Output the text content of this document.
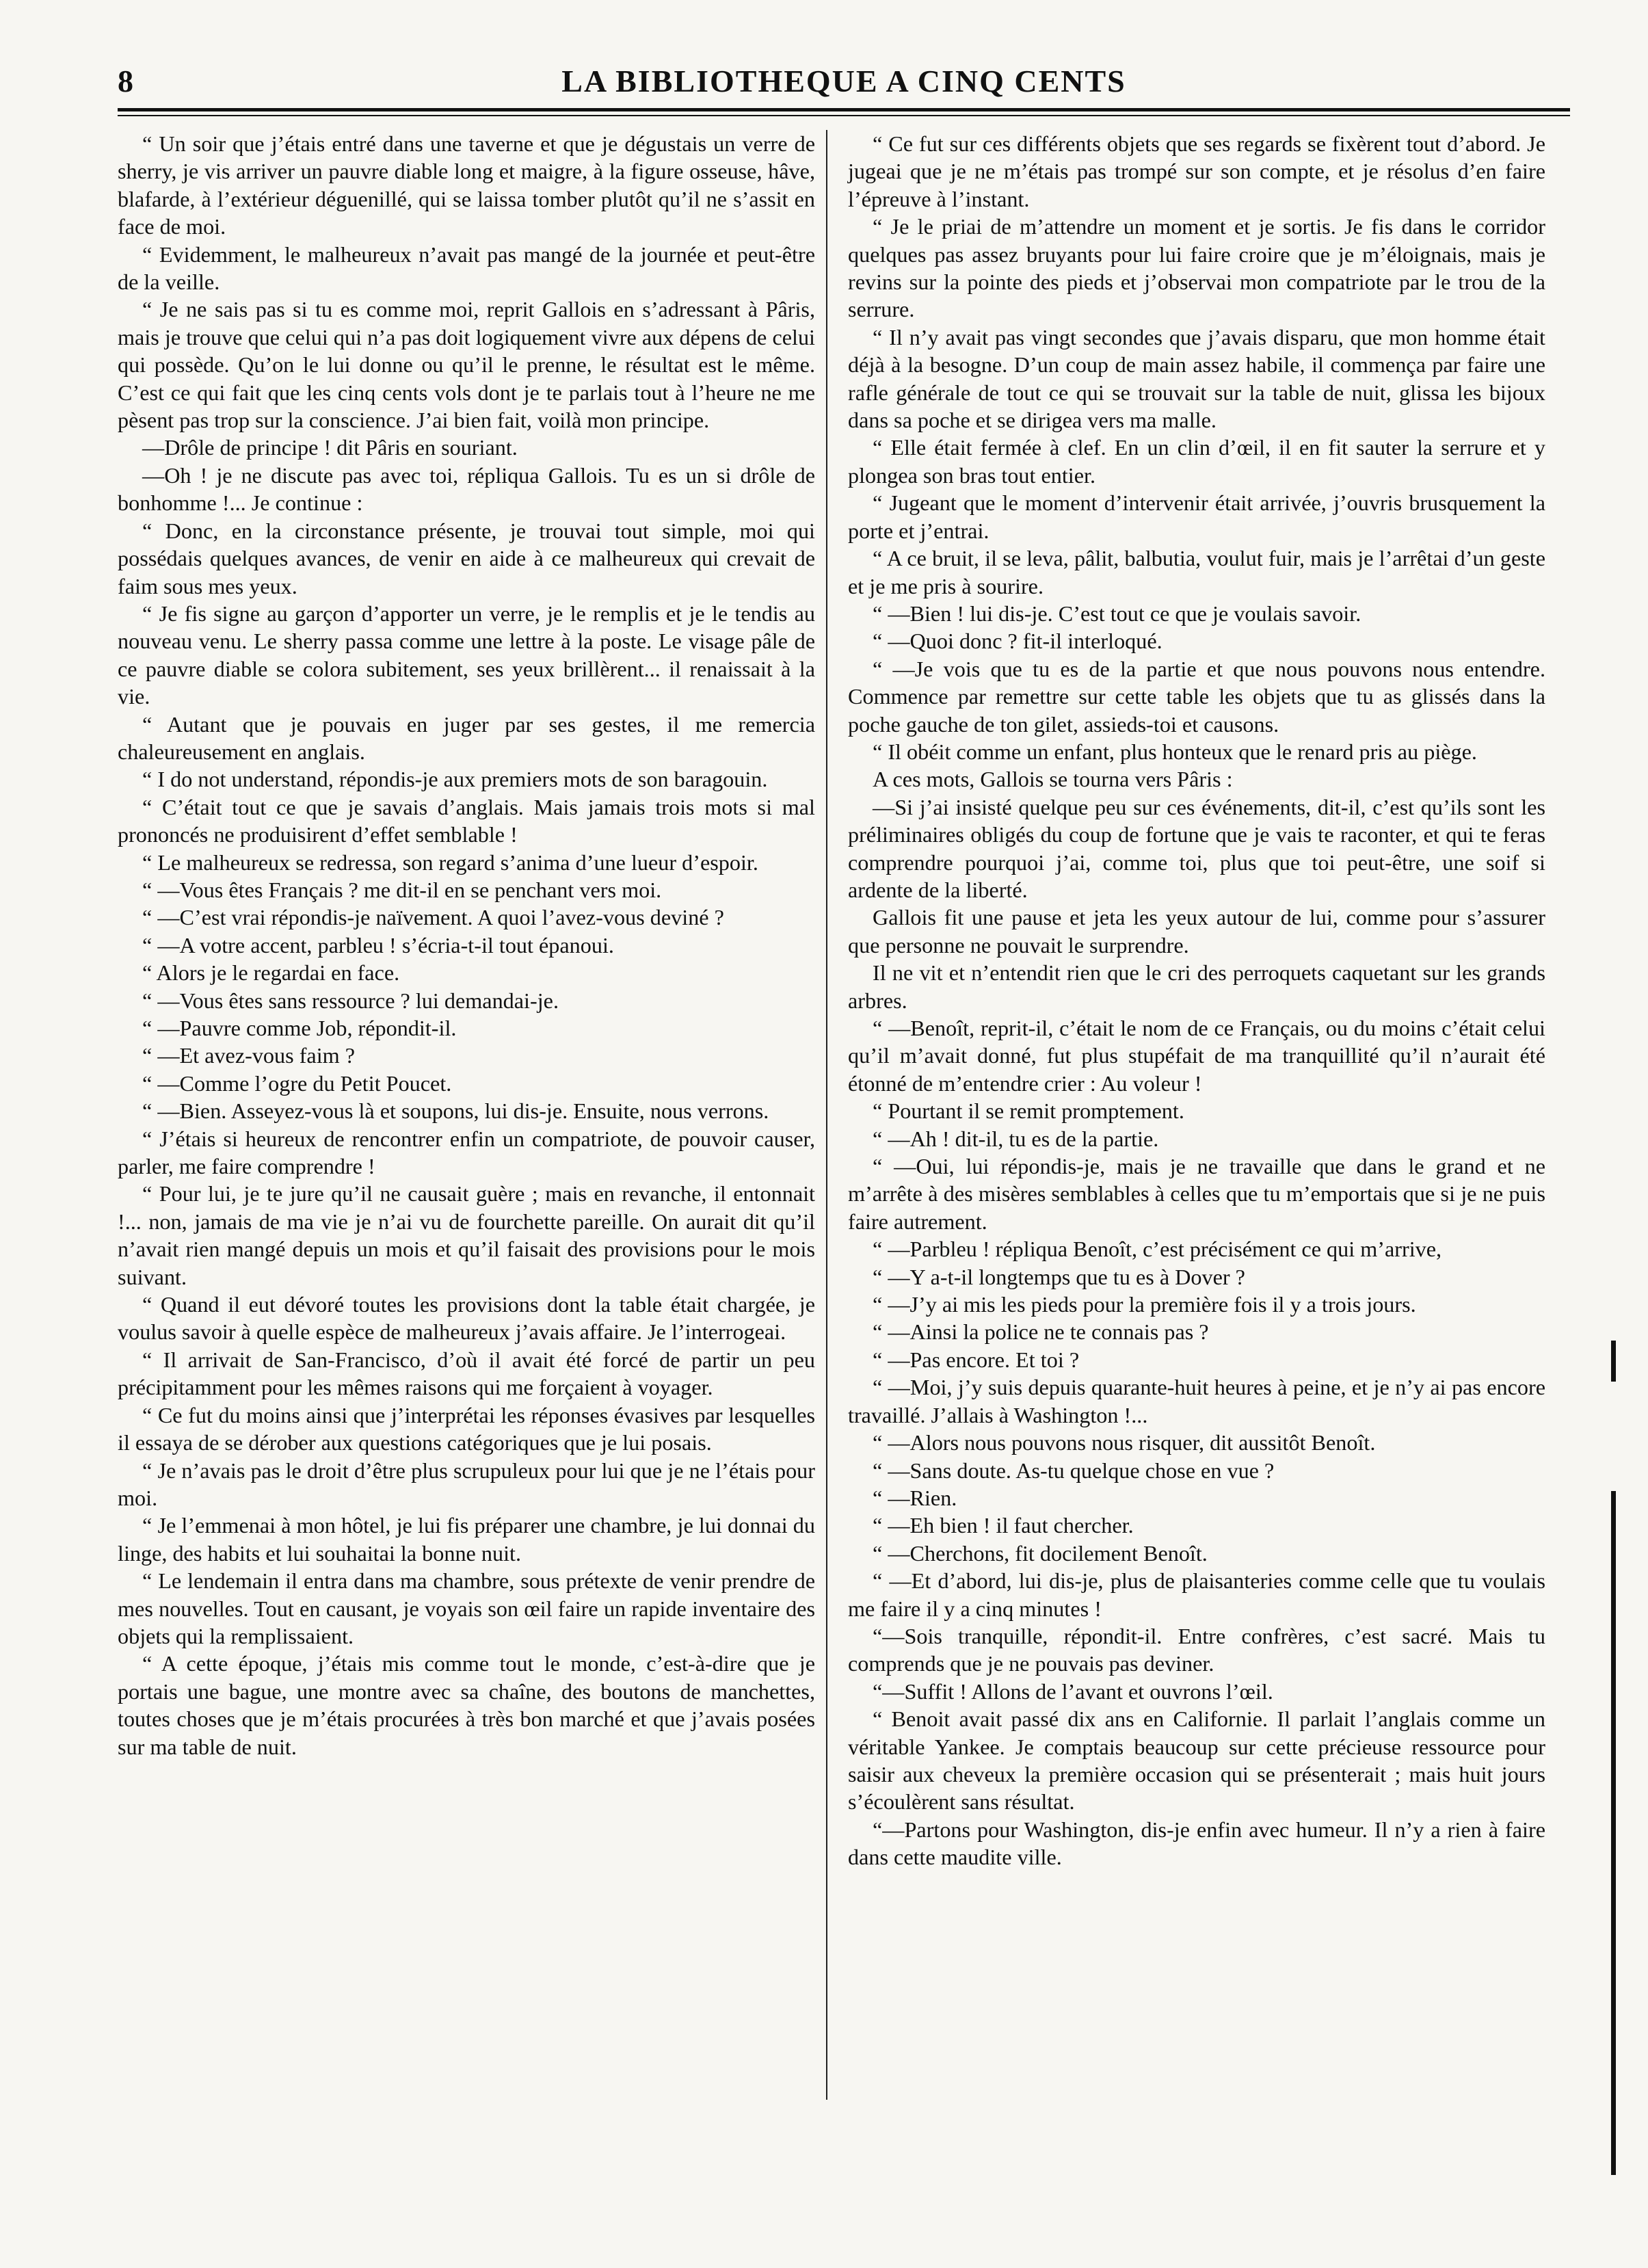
8	LA BIBLIOTHEQUE A CINQ CENTS

“ Un soir que j’étais entré dans une taverne et que je dégustais un verre de sherry, je vis arriver un pauvre diable long et maigre, à la figure osseuse, hâve, blafarde, à l’extérieur déguenillé, qui se laissa tomber plutôt qu’il ne s’assit en face de moi.

“ Evidemment, le malheureux n’avait pas mangé de la journée et peut-être de la veille.

“ Je ne sais pas si tu es comme moi, reprit Gallois en s’adressant à Pâris, mais je trouve que celui qui n’a pas doit logiquement vivre aux dépens de celui qui possède. Qu’on le lui donne ou qu’il le prenne, le résultat est le même. C’est ce qui fait que les cinq cents vols dont je te parlais tout à l’heure ne me pèsent pas trop sur la conscience. J’ai bien fait, voilà mon principe.

—Drôle de principe ! dit Pâris en souriant.

—Oh ! je ne discute pas avec toi, répliqua Gallois. Tu es un si drôle de bonhomme !... Je continue :

“ Donc, en la circonstance présente, je trouvai tout simple, moi qui possédais quelques avances, de venir en aide à ce malheureux qui crevait de faim sous mes yeux.

“ Je fis signe au garçon d’apporter un verre, je le remplis et je le tendis au nouveau venu. Le sherry passa comme une lettre à la poste. Le visage pâle de ce pauvre diable se colora subitement, ses yeux brillèrent... il renaissait à la vie.

“ Autant que je pouvais en juger par ses gestes, il me remercia chaleureusement en anglais.

“ I do not understand, répondis-je aux premiers mots de son baragouin.

“ C’était tout ce que je savais d’anglais. Mais jamais trois mots si mal prononcés ne produisirent d’effet semblable !

“ Le malheureux se redressa, son regard s’anima d’une lueur d’espoir.

“ —Vous êtes Français ? me dit-il en se penchant vers moi.

“ —C’est vrai répondis-je naïvement. A quoi l’avez-vous deviné ?

“ —A votre accent, parbleu ! s’écria-t-il tout épanoui.

“ Alors je le regardai en face.

“ —Vous êtes sans ressource ? lui demandai-je.

“ —Pauvre comme Job, répondit-il.

“ —Et avez-vous faim ?

“ —Comme l’ogre du Petit Poucet.

“ —Bien. Asseyez-vous là et soupons, lui dis-je. Ensuite, nous verrons.

“ J’étais si heureux de rencontrer enfin un compatriote, de pouvoir causer, parler, me faire comprendre !

“ Pour lui, je te jure qu’il ne causait guère ; mais en revanche, il entonnait !... non, jamais de ma vie je n’ai vu de fourchette pareille. On aurait dit qu’il n’avait rien mangé depuis un mois et qu’il faisait des provisions pour le mois suivant.

“ Quand il eut dévoré toutes les provisions dont la table était chargée, je voulus savoir à quelle espèce de malheureux j’avais affaire. Je l’interrogeai.

“ Il arrivait de San-Francisco, d’où il avait été forcé de partir un peu précipitamment pour les mêmes raisons qui me forçaient à voyager.

“ Ce fut du moins ainsi que j’interprétai les réponses évasives par lesquelles il essaya de se dérober aux questions catégoriques que je lui posais.

“ Je n’avais pas le droit d’être plus scrupuleux pour lui que je ne l’étais pour moi.

“ Je l’emmenai à mon hôtel, je lui fis préparer une chambre, je lui donnai du linge, des habits et lui souhaitai la bonne nuit.

“ Le lendemain il entra dans ma chambre, sous prétexte de venir prendre de mes nouvelles. Tout en causant, je voyais son œil faire un rapide inventaire des objets qui la remplissaient.

“ A cette époque, j’étais mis comme tout le monde, c’est-à-dire que je portais une bague, une montre avec sa chaîne, des boutons de manchettes, toutes choses que je m’étais procurées à très bon marché et que j’avais posées sur ma table de nuit.

“ Ce fut sur ces différents objets que ses regards se fixèrent tout d’abord. Je jugeai que je ne m’étais pas trompé sur son compte, et je résolus d’en faire l’épreuve à l’instant.

“ Je le priai de m’attendre un moment et je sortis. Je fis dans le corridor quelques pas assez bruyants pour lui faire croire que je m’éloignais, mais je revins sur la pointe des pieds et j’observai mon compatriote par le trou de la serrure.

“ Il n’y avait pas vingt secondes que j’avais disparu, que mon homme était déjà à la besogne. D’un coup de main assez habile, il commença par faire une rafle générale de tout ce qui se trouvait sur la table de nuit, glissa les bijoux dans sa poche et se dirigea vers ma malle.

“ Elle était fermée à clef. En un clin d’œil, il en fit sauter la serrure et y plongea son bras tout entier.

“ Jugeant que le moment d’intervenir était arrivée, j’ouvris brusquement la porte et j’entrai.

“ A ce bruit, il se leva, pâlit, balbutia, voulut fuir, mais je l’arrêtai d’un geste et je me pris à sourire.

“ —Bien ! lui dis-je. C’est tout ce que je voulais savoir.

“ —Quoi donc ? fit-il interloqué.

“ —Je vois que tu es de la partie et que nous pouvons nous entendre. Commence par remettre sur cette table les objets que tu as glissés dans la poche gauche de ton gilet, assieds-toi et causons.

“ Il obéit comme un enfant, plus honteux que le renard pris au piège.

A ces mots, Gallois se tourna vers Pâris :

—Si j’ai insisté quelque peu sur ces événements, dit-il, c’est qu’ils sont les préliminaires obligés du coup de fortune que je vais te raconter, et qui te feras comprendre pourquoi j’ai, comme toi, plus que toi peut-être, une soif si ardente de la liberté.

Gallois fit une pause et jeta les yeux autour de lui, comme pour s’assurer que personne ne pouvait le surprendre.

Il ne vit et n’entendit rien que le cri des perroquets caquetant sur les grands arbres.

“ —Benoît, reprit-il, c’était le nom de ce Français, ou du moins c’était celui qu’il m’avait donné, fut plus stupéfait de ma tranquillité qu’il n’aurait été étonné de m’entendre crier : Au voleur !

“ Pourtant il se remit promptement.

“ —Ah ! dit-il, tu es de la partie.

“ —Oui, lui répondis-je, mais je ne travaille que dans le grand et ne m’arrête à des misères semblables à celles que tu m’emportais que si je ne puis faire autrement.

“ —Parbleu ! répliqua Benoît, c’est précisément ce qui m’arrive,

“ —Y a-t-il longtemps que tu es à Dover ?

“ —J’y ai mis les pieds pour la première fois il y a trois jours.

“ —Ainsi la police ne te connais pas ?

“ —Pas encore. Et toi ?

“ —Moi, j’y suis depuis quarante-huit heures à peine, et je n’y ai pas encore travaillé. J’allais à Washington !...

“ —Alors nous pouvons nous risquer, dit aussitôt Benoît.

“ —Sans doute. As-tu quelque chose en vue ?

“ —Rien.

“ —Eh bien ! il faut chercher.

“ —Cherchons, fit docilement Benoît.

“ —Et d’abord, lui dis-je, plus de plaisanteries comme celle que tu voulais me faire il y a cinq minutes !

“—Sois tranquille, répondit-il. Entre confrères, c’est sacré. Mais tu comprends que je ne pouvais pas deviner.

“—Suffit ! Allons de l’avant et ouvrons l’œil.

“ Benoit avait passé dix ans en Californie. Il parlait l’anglais comme un véritable Yankee. Je comptais beaucoup sur cette précieuse ressource pour saisir aux cheveux la première occasion qui se présenterait ; mais huit jours s’écoulèrent sans résultat.

“—Partons pour Washington, dis-je enfin avec humeur. Il n’y a rien à faire dans cette maudite ville.
